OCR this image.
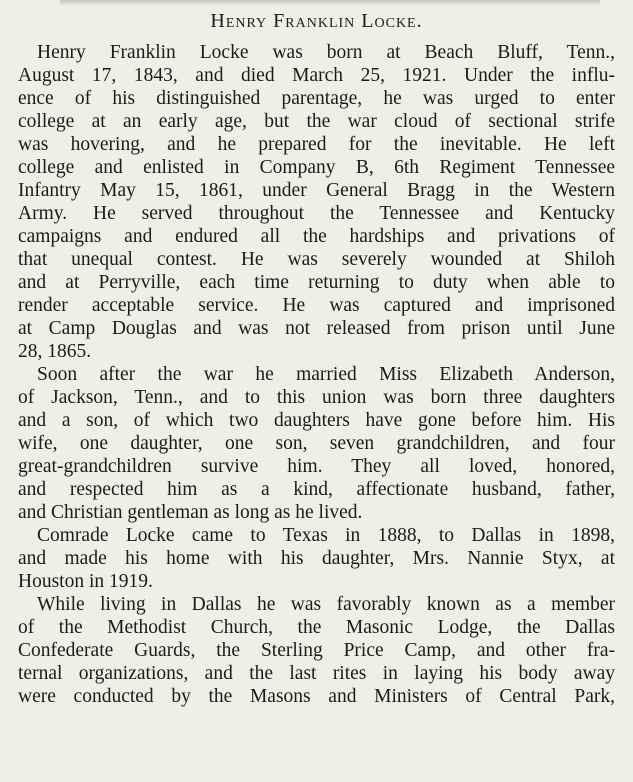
Henry Franklin Locke.
Henry Franklin Locke was born at Beach Bluff, Tenn.,
August 17, 1843, and died March 25, 1921. Under the influ-
ence of his distinguished parentage, he was urged to enter
college at an early age, but the war cloud of sectional strife
was hovering, and he prepared for the inevitable. He left
college and enlisted in Company B, 6th Regiment Tennessee
Infantry May 15, 1861, under General Bragg in the Western
Army. He served throughout the Tennessee and Kentucky
campaigns and endured all the hardships and privations of
that unequal contest. He was severely wounded at Shiloh
and at Perryville, each time returning to duty when able to
render acceptable service. He was captured and imprisoned
at Camp Douglas and was not released from prison until June
28, 1865.
Soon after the war he married Miss Elizabeth Anderson,
of Jackson, Tenn., and to this union was born three daughters
and a son, of which two daughters have gone before him. His
wife, one daughter, one son, seven grandchildren, and four
great-grandchildren survive him. They all loved, honored,
and respected him as a kind, affectionate husband, father,
and Christian gentleman as long as he lived.
Comrade Locke came to Texas in 1888, to Dallas in 1898,
and made his home with his daughter, Mrs. Nannie Styx, at
Houston in 1919.
While living in Dallas he was favorably known as a member
of the Methodist Church, the Masonic Lodge, the Dallas
Confederate Guards, the Sterling Price Camp, and other fra-
ternal organizations, and the last rites in laying his body away
were conducted by the Masons and Ministers of Central Park,
